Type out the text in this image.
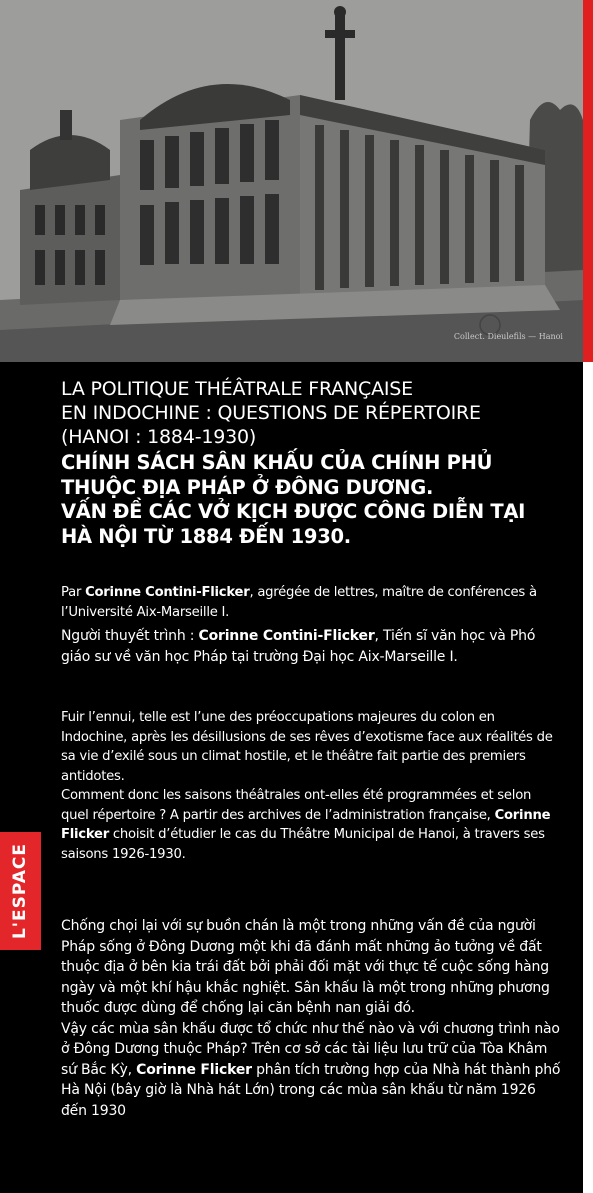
Collect. Dieulefils — Hanoi
LA POLITIQUE THÉÂTRALE FRANÇAISE
EN INDOCHINE : QUESTIONS DE RÉPERTOIRE
(HANOI : 1884-1930)
CHÍNH SÁCH SÂN KHẤU CỦA CHÍNH PHỦ
THUỘC ĐỊA PHÁP Ở ĐÔNG DƯƠNG.
VẤN ĐỀ CÁC VỞ KỊCH ĐƯỢC CÔNG DIỄN TẠI
HÀ NỘI TỪ 1884 ĐẾN 1930.
Par Corinne Contini-Flicker, agrégée de lettres, maître de conférences à l’Université Aix-Marseille I.
Người thuyết trình : Corinne Contini-Flicker, Tiến sĩ văn học và Phó giáo sư về văn học Pháp tại trường Đại học Aix-Marseille I.
Fuir l’ennui, telle est l’une des préoccupations majeures du colon en Indochine, après les désillusions de ses rêves d’exotisme face aux réalités de sa vie d’exilé sous un climat hostile, et le théâtre fait partie des premiers antidotes.
Comment donc les saisons théâtrales ont-elles été programmées et selon quel répertoire ? A partir des archives de l’administration française, Corinne Flicker choisit d’étudier le cas du Théâtre Municipal de Hanoi, à travers ses saisons 1926-1930.
Chống chọi lại với sự buồn chán là một trong những vấn đề của người Pháp sống ở Đông Dương một khi đã đánh mất những ảo tưởng về đất thuộc địa ở bên kia trái đất bởi phải đối mặt với thực tế cuộc sống hàng ngày và một khí hậu khắc nghiệt. Sân khấu là một trong những phương thuốc được dùng để chống lại căn bệnh nan giải đó.
Vậy các mùa sân khấu được tổ chức như thế nào và với chương trình nào ở Đông Dương thuộc Pháp? Trên cơ sở các tài liệu lưu trữ của Tòa Khâm sứ Bắc Kỳ, Corinne Flicker phân tích trường hợp của Nhà hát thành phố Hà Nội (bây giờ là Nhà hát Lớn) trong các mùa sân khấu từ năm 1926 đến 1930
L'ESPACE
